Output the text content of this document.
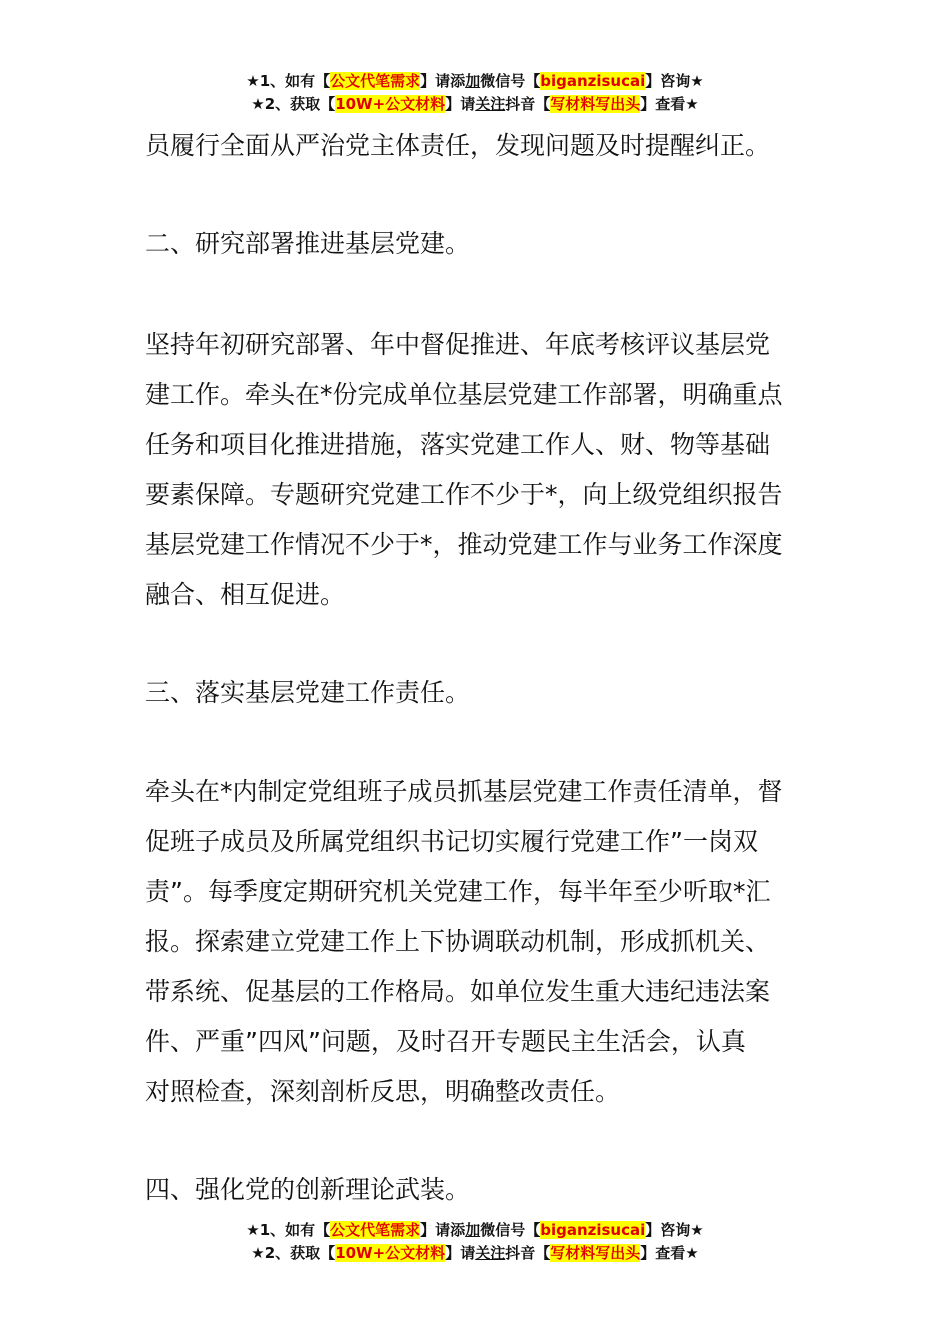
★1、如有【公文代笔需求】请添加微信号【biganzisucai】咨询★
★2、获取【10W+公文材料】请关注抖音【写材料写出头】查看★

员履行全面从严治党主体责任，发现问题及时提醒纠正。

二、研究部署推进基层党建。

坚持年初研究部署、年中督促推进、年底考核评议基层党
建工作。牵头在*份完成单位基层党建工作部署，明确重点
任务和项目化推进措施，落实党建工作人、财、物等基础
要素保障。专题研究党建工作不少于*，向上级党组织报告
基层党建工作情况不少于*，推动党建工作与业务工作深度
融合、相互促进。

三、落实基层党建工作责任。

牵头在*内制定党组班子成员抓基层党建工作责任清单，督
促班子成员及所属党组织书记切实履行党建工作”一岗双
责”。每季度定期研究机关党建工作，每半年至少听取*汇
报。探索建立党建工作上下协调联动机制，形成抓机关、
带系统、促基层的工作格局。如单位发生重大违纪违法案
件、严重”四风”问题，及时召开专题民主生活会，认真
对照检查，深刻剖析反思，明确整改责任。

四、强化党的创新理论武装。

★1、如有【公文代笔需求】请添加微信号【biganzisucai】咨询★
★2、获取【10W+公文材料】请关注抖音【写材料写出头】查看★
